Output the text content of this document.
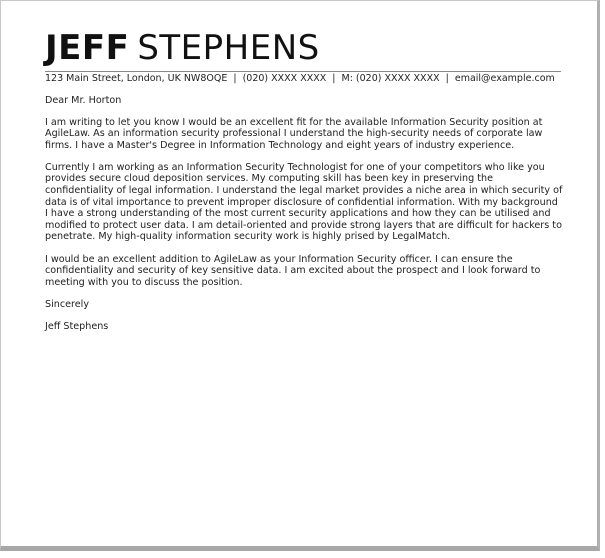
JEFF STEPHENS
123 Main Street, London, UK NW8OQE | (020) XXXX XXXX | M: (020) XXXX XXXX | email@example.com

Dear Mr. Horton

I am writing to let you know I would be an excellent fit for the available Information Security position at AgileLaw. As an information security professional I understand the high-security needs of corporate law firms. I have a Master's Degree in Information Technology and eight years of industry experience.

Currently I am working as an Information Security Technologist for one of your competitors who like you provides secure cloud deposition services. My computing skill has been key in preserving the confidentiality of legal information. I understand the legal market provides a niche area in which security of data is of vital importance to prevent improper disclosure of confidential information. With my background I have a strong understanding of the most current security applications and how they can be utilised and modified to protect user data. I am detail-oriented and provide strong layers that are difficult for hackers to penetrate. My high-quality information security work is highly prised by LegalMatch.

I would be an excellent addition to AgileLaw as your Information Security officer. I can ensure the confidentiality and security of key sensitive data. I am excited about the prospect and I look forward to meeting with you to discuss the position.

Sincerely

Jeff Stephens
